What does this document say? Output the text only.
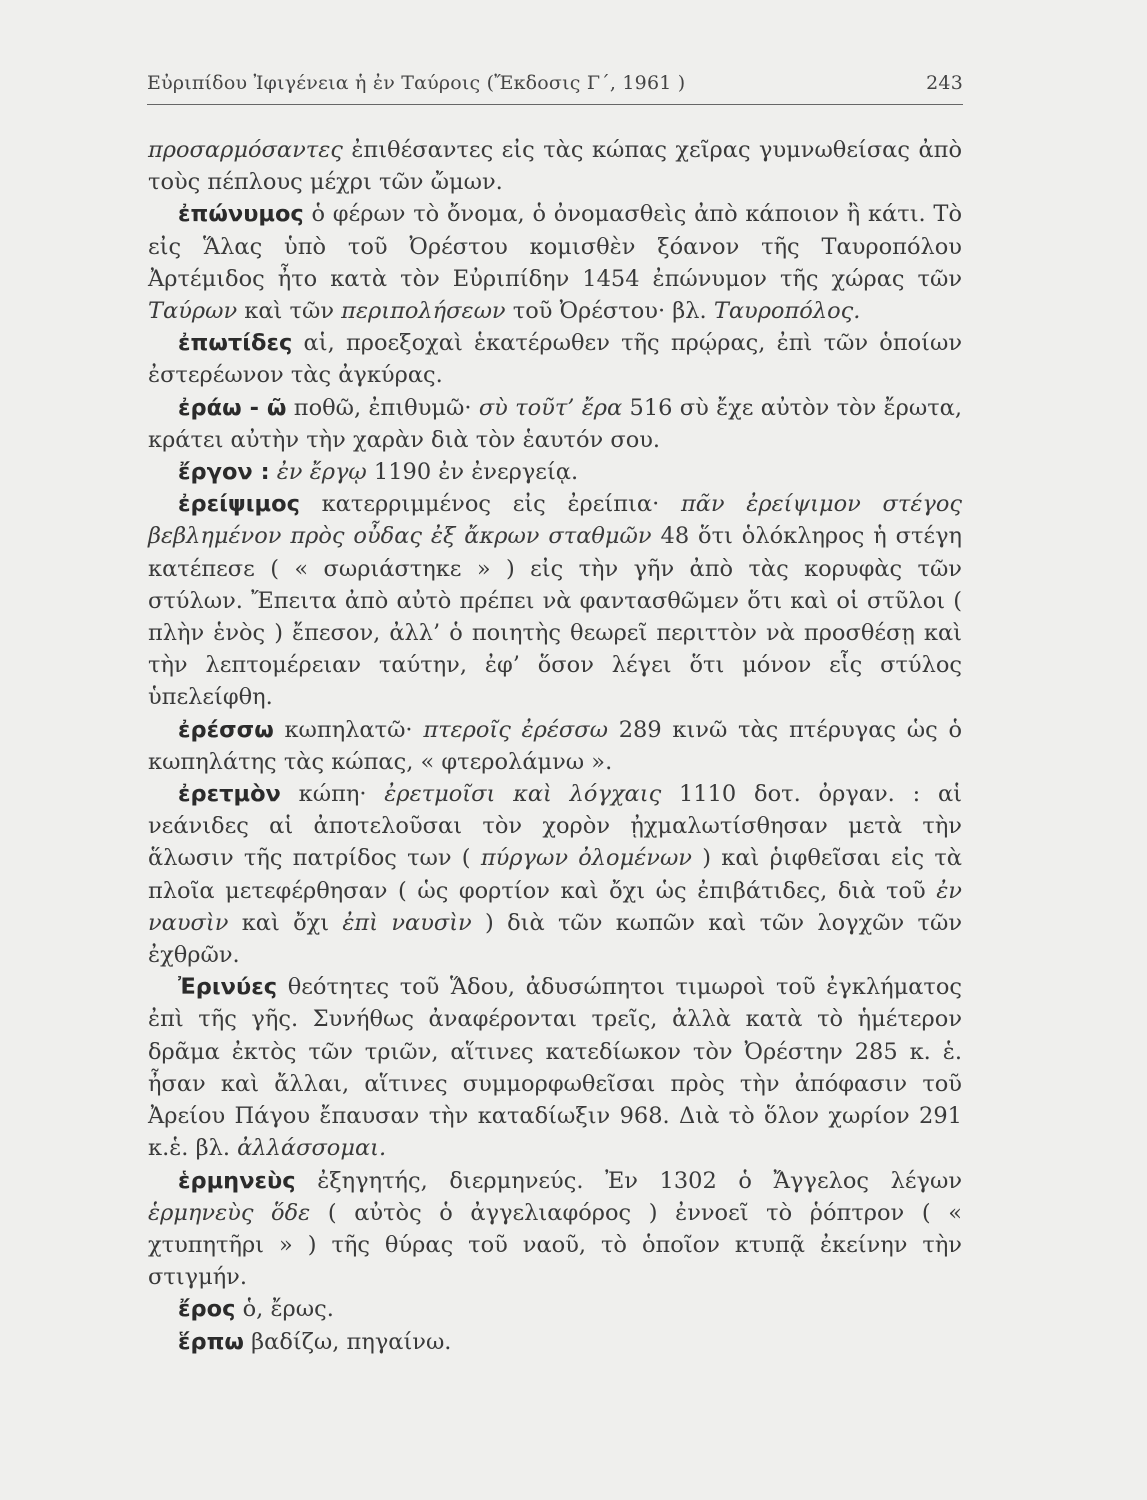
Εὐριπίδου Ἰφιγένεια ἡ ἐν Ταύροις (Ἔκδοσις Γ΄, 1961 )	243

προσαρμόσαντες ἐπιθέσαντες εἰς τὰς κώπας χεῖρας γυμνωθείσας ἀπὸ τοὺς πέπλους μέχρι τῶν ὤμων.

ἐπώνυμος ὁ φέρων τὸ ὄνομα, ὁ ὀνομασθεὶς ἀπὸ κάποιον ἢ κάτι. Τὸ εἰς Ἅλας ὑπὸ τοῦ Ὀρέστου κομισθὲν ξόανον τῆς Ταυροπόλου Ἀρτέμιδος ἦτο κατὰ τὸν Εὐριπίδην 1454 ἐπώνυμον τῆς χώρας τῶν Ταύρων καὶ τῶν περιπολήσεων τοῦ Ὀρέστου· βλ. Ταυροπόλος.

ἐπωτίδες αἱ, προεξοχαὶ ἑκατέρωθεν τῆς πρῴρας, ἐπὶ τῶν ὁποίων ἐστερέωνον τὰς ἀγκύρας.

ἐράω - ῶ ποθῶ, ἐπιθυμῶ· σὺ τοῦτ’ ἔρα 516 σὺ ἔχε αὐτὸν τὸν ἔρωτα, κράτει αὐτὴν τὴν χαρὰν διὰ τὸν ἑαυτόν σου.

ἔργον : ἐν ἔργῳ 1190 ἐν ἐνεργείᾳ.

ἐρείψιμος κατερριμμένος εἰς ἐρείπια· πᾶν ἐρείψιμον στέγος βεβλημένον πρὸς οὖδας ἐξ ἄκρων σταθμῶν 48 ὅτι ὁλόκληρος ἡ στέγη κατέπεσε ( « σωριάστηκε » ) εἰς τὴν γῆν ἀπὸ τὰς κορυφὰς τῶν στύλων. Ἔπειτα ἀπὸ αὐτὸ πρέπει νὰ φαντασθῶμεν ὅτι καὶ οἱ στῦλοι ( πλὴν ἑνὸς ) ἔπεσον, ἀλλ’ ὁ ποιητὴς θεωρεῖ περιττὸν νὰ προσθέσῃ καὶ τὴν λεπτομέρειαν ταύτην, ἐφ’ ὅσον λέγει ὅτι μόνον εἷς στύλος ὑπελείφθη.

ἐρέσσω κωπηλατῶ· πτεροῖς ἐρέσσω 289 κινῶ τὰς πτέρυγας ὡς ὁ κωπηλάτης τὰς κώπας, « φτερολάμνω ».

ἐρετμὸν κώπη· ἐρετμοῖσι καὶ λόγχαις 1110 δοτ. ὀργαν. : αἱ νεάνιδες αἱ ἀποτελοῦσαι τὸν χορὸν ᾐχμαλωτίσθησαν μετὰ τὴν ἅλωσιν τῆς πατρίδος των ( πύργων ὀλομένων ) καὶ ῥιφθεῖσαι εἰς τὰ πλοῖα μετεφέρθησαν ( ὡς φορτίον καὶ ὄχι ὡς ἐπιβάτιδες, διὰ τοῦ ἐν ναυσὶν καὶ ὄχι ἐπὶ ναυσὶν ) διὰ τῶν κωπῶν καὶ τῶν λογχῶν τῶν ἐχθρῶν.

Ἐρινύες θεότητες τοῦ Ἅδου, ἀδυσώπητοι τιμωροὶ τοῦ ἐγκλήματος ἐπὶ τῆς γῆς. Συνήθως ἀναφέρονται τρεῖς, ἀλλὰ κατὰ τὸ ἡμέτερον δρᾶμα ἐκτὸς τῶν τριῶν, αἵτινες κατεδίωκον τὸν Ὀρέστην 285 κ. ἑ. ἦσαν καὶ ἄλλαι, αἵτινες συμμορφωθεῖσαι πρὸς τὴν ἀπόφασιν τοῦ Ἀρείου Πάγου ἔπαυσαν τὴν καταδίωξιν 968. Διὰ τὸ ὅλον χωρίον 291 κ.ἑ. βλ. ἀλλάσσομαι.

ἑρμηνεὺς ἐξηγητής, διερμηνεύς. Ἐν 1302 ὁ Ἄγγελος λέγων ἑρμηνεὺς ὅδε ( αὐτὸς ὁ ἀγγελιαφόρος ) ἐννοεῖ τὸ ῥόπτρον ( « χτυπητῆρι » ) τῆς θύρας τοῦ ναοῦ, τὸ ὁποῖον κτυπᾷ ἐκείνην τὴν στιγμήν.

ἔρος ὁ, ἔρως.

ἕρπω βαδίζω, πηγαίνω.
